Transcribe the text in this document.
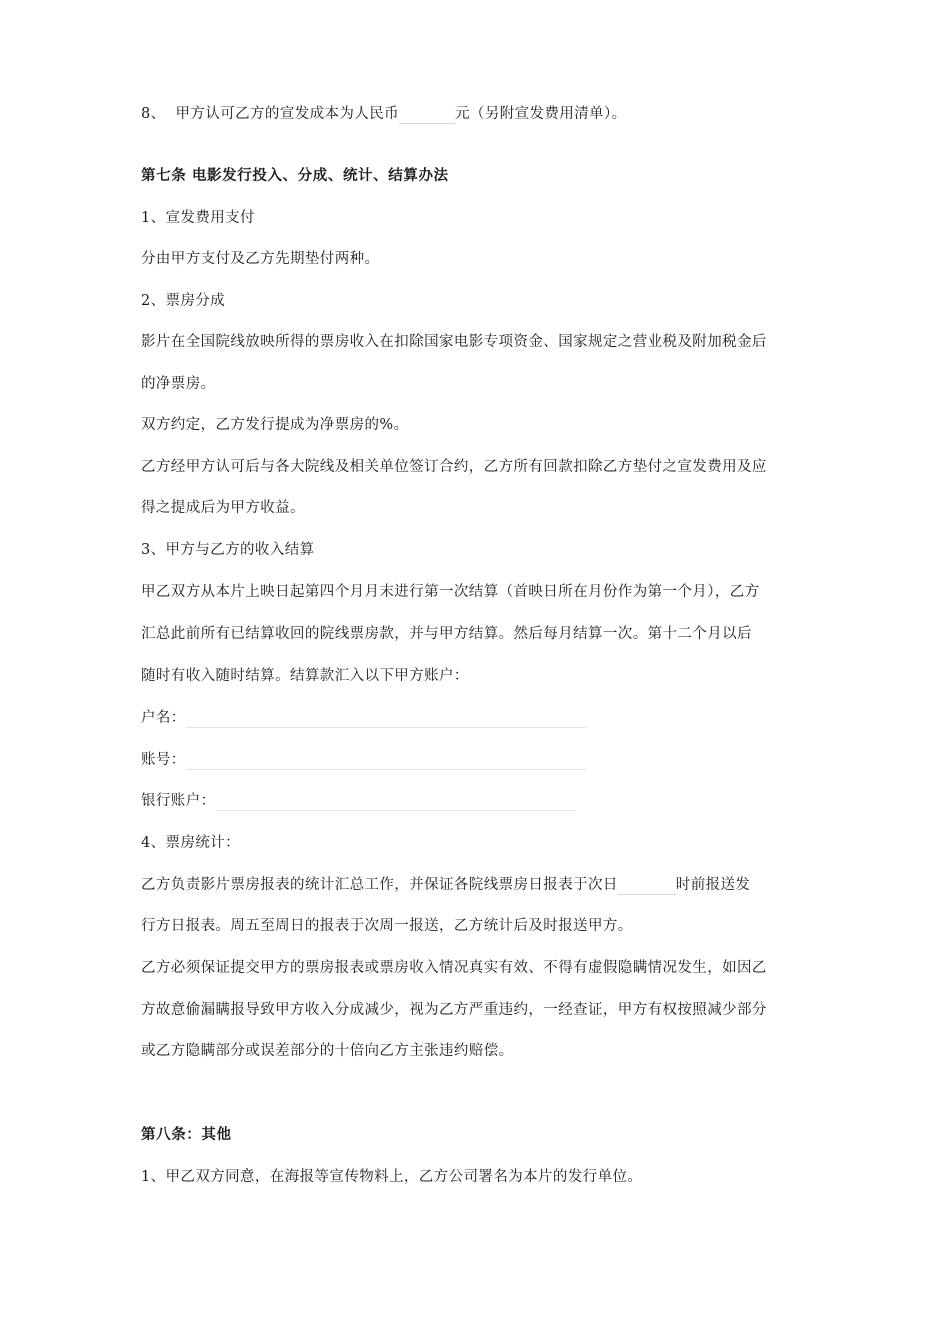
8、 甲方认可乙方的宣发成本为人民币	元（另附宣发费用清单）。
第七条 电影发行投入、分成、统计、结算办法
1、宣发费用支付
分由甲方支付及乙方先期垫付两种。
2、票房分成
影片在全国院线放映所得的票房收入在扣除国家电影专项资金、国家规定之营业税及附加税金后
的净票房。
双方约定，乙方发行提成为净票房的%。
乙方经甲方认可后与各大院线及相关单位签订合约，乙方所有回款扣除乙方垫付之宣发费用及应
得之提成后为甲方收益。
3、甲方与乙方的收入结算
甲乙双方从本片上映日起第四个月月末进行第一次结算（首映日所在月份作为第一个月），乙方
汇总此前所有已结算收回的院线票房款，并与甲方结算。然后每月结算一次。第十二个月以后
随时有收入随时结算。结算款汇入以下甲方账户：
户名：
账号：
银行账户：
4、票房统计：
乙方负责影片票房报表的统计汇总工作，并保证各院线票房日报表于次日	时前报送发
行方日报表。周五至周日的报表于次周一报送，乙方统计后及时报送甲方。
乙方必须保证提交甲方的票房报表或票房收入情况真实有效、不得有虚假隐瞒情况发生，如因乙
方故意偷漏瞒报导致甲方收入分成减少，视为乙方严重违约，一经查证，甲方有权按照减少部分
或乙方隐瞒部分或误差部分的十倍向乙方主张违约赔偿。
第八条：其他
1、甲乙双方同意，在海报等宣传物料上，乙方公司署名为本片的发行单位。
